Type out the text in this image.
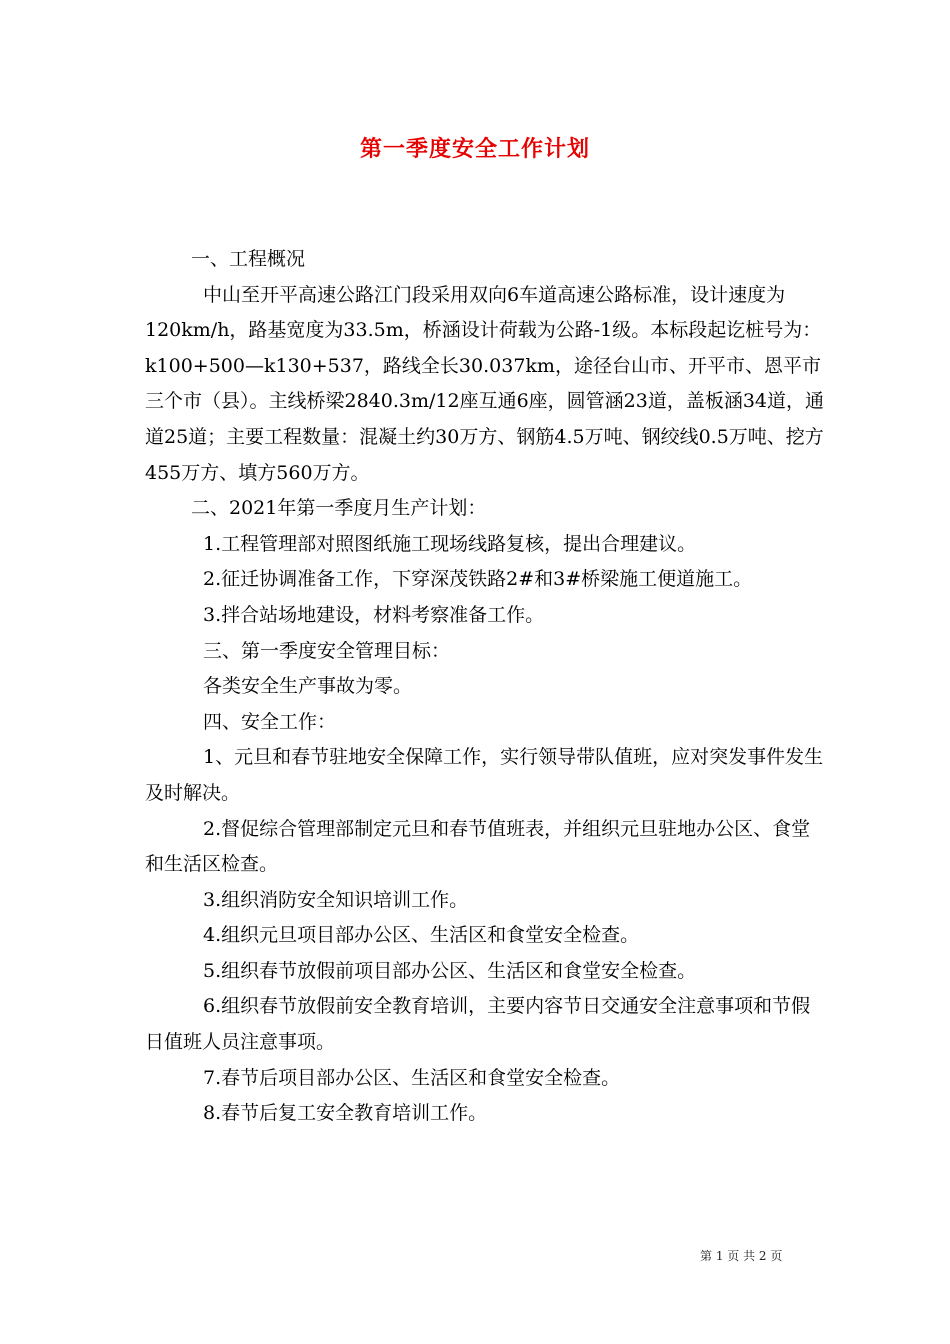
第一季度安全工作计划

一、工程概况

中山至开平高速公路江门段采用双向6车道高速公路标准，设计速度为120km/h，路基宽度为33.5m，桥涵设计荷载为公路-1级。本标段起讫桩号为：k100+500—k130+537，路线全长30.037km，途径台山市、开平市、恩平市三个市（县）。主线桥梁2840.3m/12座互通6座，圆管涵23道，盖板涵34道，通道25道；主要工程数量：混凝土约30万方、钢筋4.5万吨、钢绞线0.5万吨、挖方455万方、填方560万方。

二、2021年第一季度月生产计划：

1.工程管理部对照图纸施工现场线路复核，提出合理建议。

2.征迁协调准备工作，下穿深茂铁路2#和3#桥梁施工便道施工。

3.拌合站场地建设，材料考察准备工作。

三、第一季度安全管理目标：

各类安全生产事故为零。

四、安全工作：

1、元旦和春节驻地安全保障工作，实行领导带队值班，应对突发事件发生及时解决。

2.督促综合管理部制定元旦和春节值班表，并组织元旦驻地办公区、食堂和生活区检查。

3.组织消防安全知识培训工作。

4.组织元旦项目部办公区、生活区和食堂安全检查。

5.组织春节放假前项目部办公区、生活区和食堂安全检查。

6.组织春节放假前安全教育培训，主要内容节日交通安全注意事项和节假日值班人员注意事项。

7.春节后项目部办公区、生活区和食堂安全检查。

8.春节后复工安全教育培训工作。

第 1 页 共 2 页
